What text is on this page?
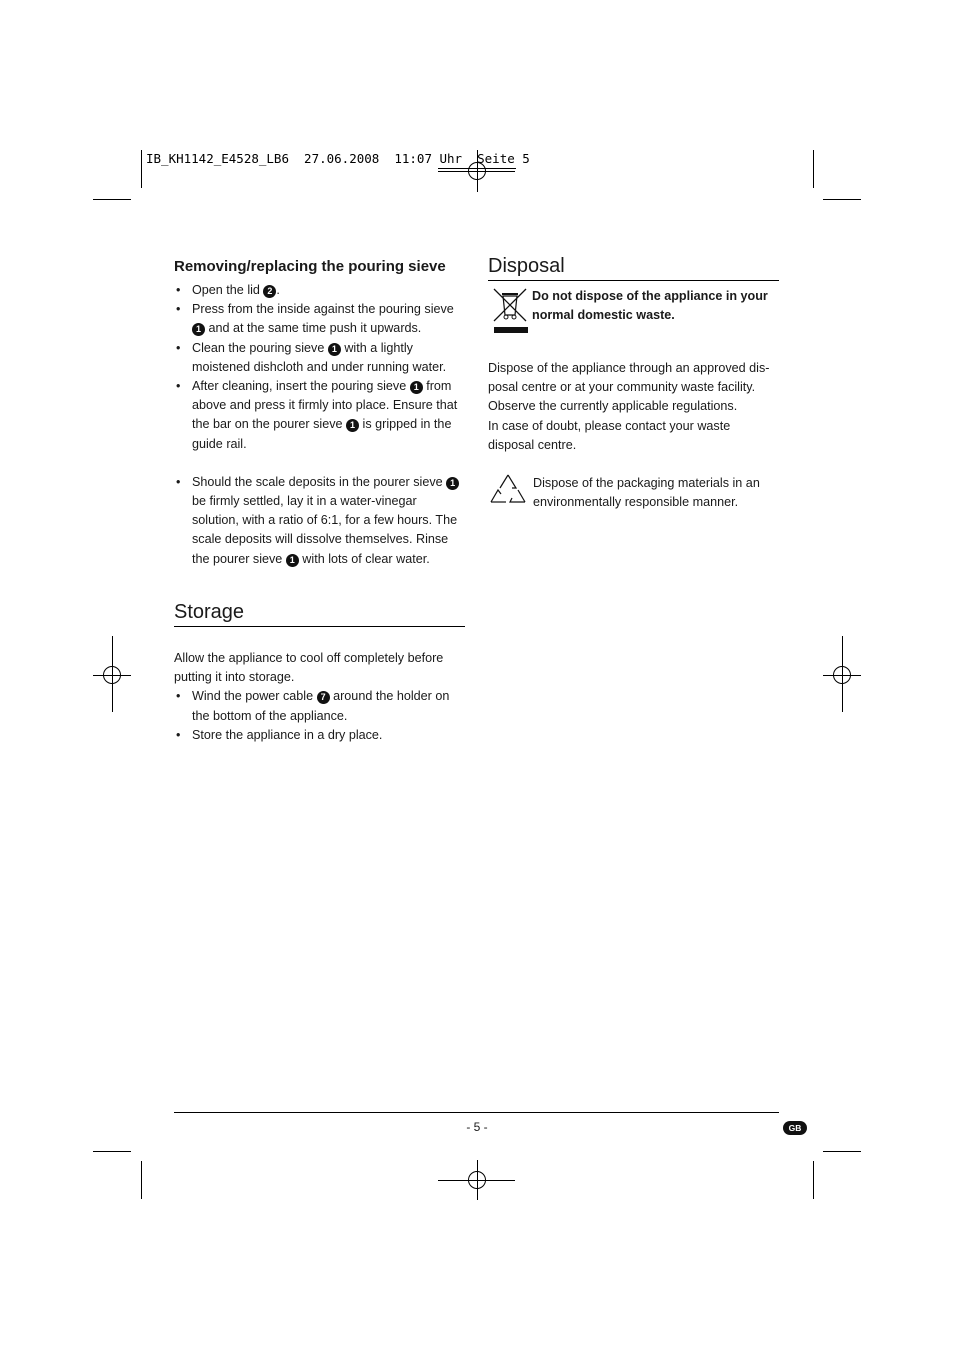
IB_KH1142_E4528_LB6  27.06.2008  11:07 Uhr  Seite 5
Removing/replacing the pouring sieve
• Open the lid 2 .
• Press from the inside against the pouring sieve 1 and at the same time push it upwards.
• Clean the pouring sieve 1 with a lightly moistened dishcloth and under running water.
• After cleaning, insert the pouring sieve 1 from above and press it firmly into place. Ensure that the bar on the pourer sieve 1 is gripped in the guide rail.
• Should the scale deposits in the pourer sieve 1 be firmly settled, lay it in a water-vinegar solution, with a ratio of 6:1, for a few hours. The scale deposits will dissolve themselves. Rinse the pourer sieve 1 with lots of clear water.
Storage

Allow the appliance to cool off completely before putting it into storage.

• Wind the power cable 7 around the holder on the bottom of the appliance.
• Store the appliance in a dry place.
Disposal

Do not dispose of the appliance in your normal domestic waste.

Dispose of the appliance through an approved dis-posal centre or at your community waste facility. Observe the currently applicable regulations.

In case of doubt, please contact your waste disposal centre.

Dispose of the packaging materials in an environmentally responsible manner.

- 5 -	GB
